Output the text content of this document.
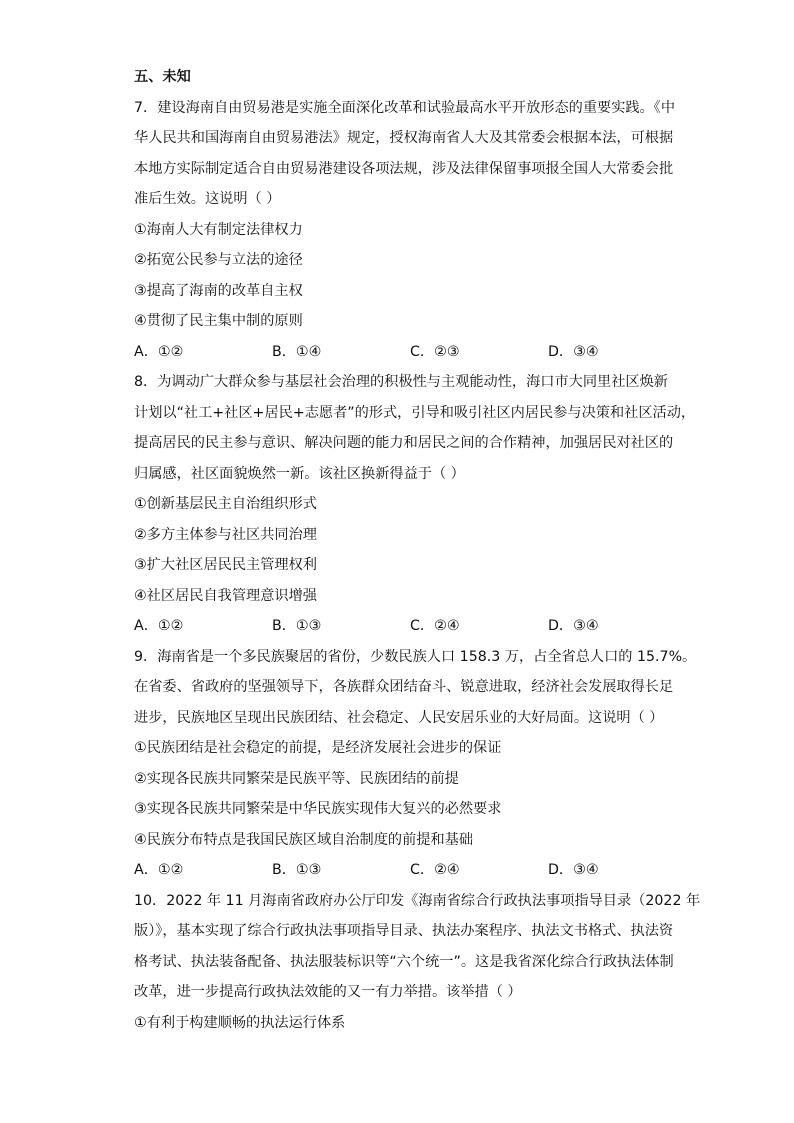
五、未知

7．建设海南自由贸易港是实施全面深化改革和试验最高水平开放形态的重要实践。《中

华人民共和国海南自由贸易港法》规定，授权海南省人大及其常委会根据本法，可根据

本地方实际制定适合自由贸易港建设各项法规，涉及法律保留事项报全国人大常委会批

准后生效。这说明（ ）

①海南人大有制定法律权力

②拓宽公民参与立法的途径

③提高了海南的改革自主权

④贯彻了民主集中制的原则

A．①②	B．①④	C．②③	D．③④

8．为调动广大群众参与基层社会治理的积极性与主观能动性，海口市大同里社区焕新

计划以“社工+社区+居民+志愿者”的形式，引导和吸引社区内居民参与决策和社区活动，

提高居民的民主参与意识、解决问题的能力和居民之间的合作精神，加强居民对社区的

归属感，社区面貌焕然一新。该社区换新得益于（ ）

①创新基层民主自治组织形式

②多方主体参与社区共同治理

③扩大社区居民民主管理权利

④社区居民自我管理意识增强

A．①②	B．①③	C．②④	D．③④

9．海南省是一个多民族聚居的省份，少数民族人口 158.3 万，占全省总人口的 15.7%。

在省委、省政府的坚强领导下，各族群众团结奋斗、锐意进取，经济社会发展取得长足

进步，民族地区呈现出民族团结、社会稳定、人民安居乐业的大好局面。这说明（ ）

①民族团结是社会稳定的前提，是经济发展社会进步的保证

②实现各民族共同繁荣是民族平等、民族团结的前提

③实现各民族共同繁荣是中华民族实现伟大复兴的必然要求

④民族分布特点是我国民族区域自治制度的前提和基础

A．①②	B．①③	C．②④	D．③④

10．2022 年 11 月海南省政府办公厅印发《海南省综合行政执法事项指导目录（2022 年

版）》，基本实现了综合行政执法事项指导目录、执法办案程序、执法文书格式、执法资

格考试、执法装备配备、执法服装标识等“六个统一”。这是我省深化综合行政执法体制

改革，进一步提高行政执法效能的又一有力举措。该举措（ ）

①有利于构建顺畅的执法运行体系
